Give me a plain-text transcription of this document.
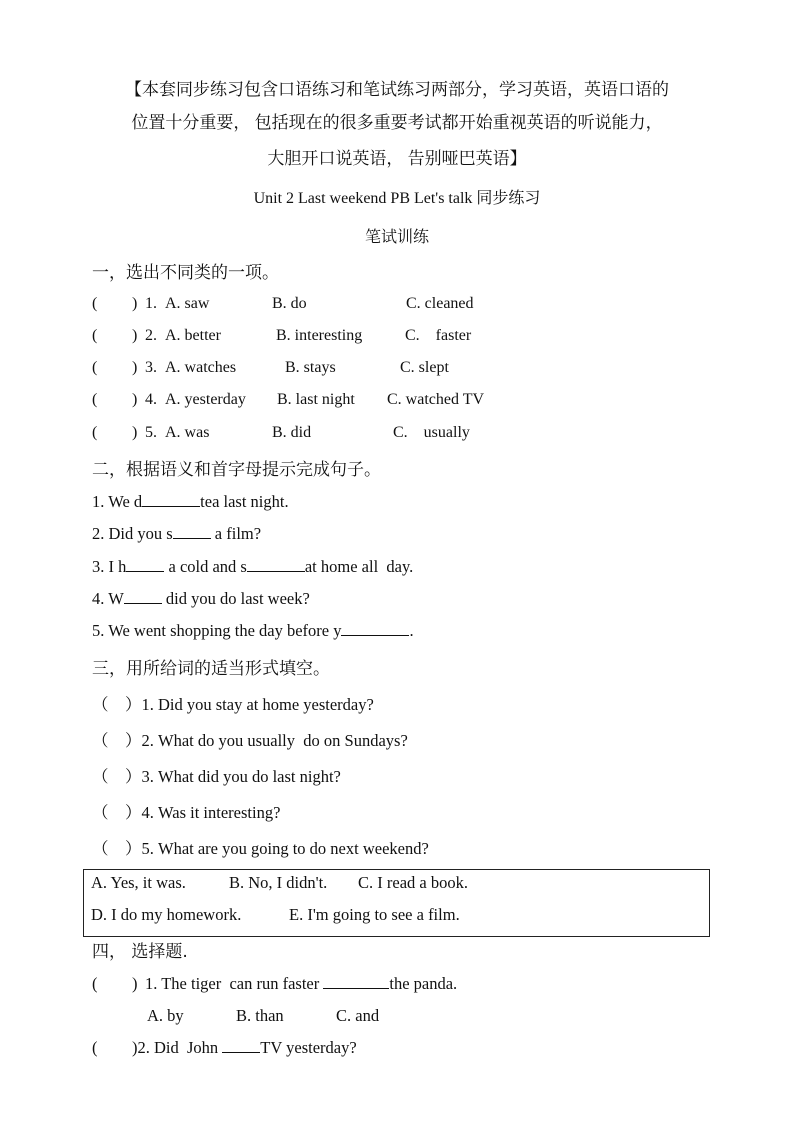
【本套同步练习包含口语练习和笔试练习两部分，学习英语，英语口语的
位置十分重要， 包括现在的很多重要考试都开始重视英语的听说能力，
大胆开口说英语， 告别哑巴英语】
Unit 2 Last weekend PB Let's talk 同步练习
笔试训练
一，选出不同类的一项。
( ) 1. A. saw	B. do	C. cleaned
( ) 2. A. better	B. interesting	C.    faster
( ) 3. A. watches	B. stays	C. slept
( ) 4. A. yesterday B. last night C. watched TV
( ) 5. A. was	B. did	C.    usually
二，根据语义和首字母提示完成句子。
1. We d	tea last night.
2. Did you s a film?
3. I h a cold and s	at home all  day.
4. W did you do last week?
5. We went shopping the day before y	.
三，用所给词的适当形式填空。
（    ）1. Did you stay at home yesterday?
（    ）2. What do you usually  do on Sundays?
（    ）3. What did you do last night?
（    ）4. Was it interesting?
（    ）5. What are you going to do next weekend?
A. Yes, it was.	B. No, I didn't. C. I read a book.
D. I do my homework.	E. I'm going to see a film.
四， 选择题.
( ) 1. The tiger  can run faster	the panda.
A. by	B. than	C. and
( )2. Did  John TV yesterday?
